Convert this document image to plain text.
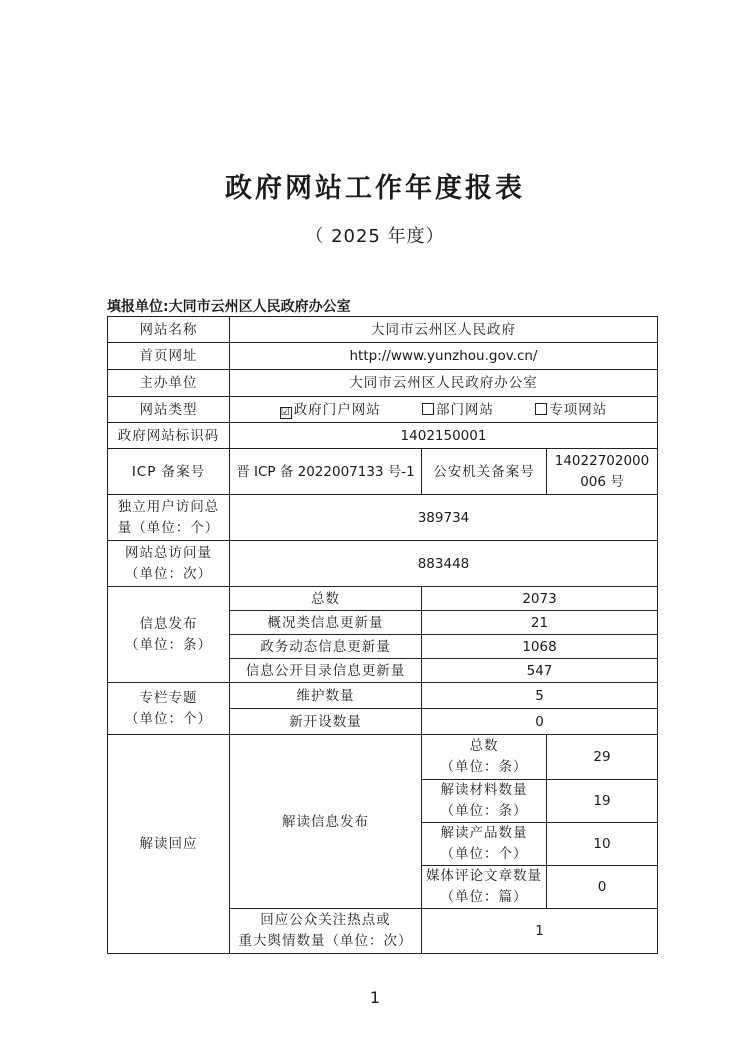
政府网站工作年度报表
（ 2025 年度）
填报单位:大同市云州区人民政府办公室
网站名称	大同市云州区人民政府		
首页网址	http://www.yunzhou.gov.cn/		
主办单位	大同市云州区人民政府办公室		
网站类型	☑ 政府门户网站 部门网站 专项网站		
政府网站标识码	1402150001		
ICP 备案号	晋 ICP 备 2022007133 号-1	公安机关备案号	14022702000
006 号

独立用户访问总
量（单位：个）	389734		

网站总访问量
（单位：次）	883448		

信息发布
（单位：条）	总数	2073	
	概况类信息更新量	21	
	政务动态信息更新量	1068	
	信息公开目录信息更新量	547	

专栏专题
（单位：个）	维护数量	5	
	新开设数量	0	
解读回应	解读信息发布	总数
（单位：条）	29

		解读材料数量
（单位：条）	19

		解读产品数量
（单位：个）	10

		媒体评论文章数量
（单位：篇）	0

	回应公众关注热点或
重大舆情数量（单位：次）	1	
1
